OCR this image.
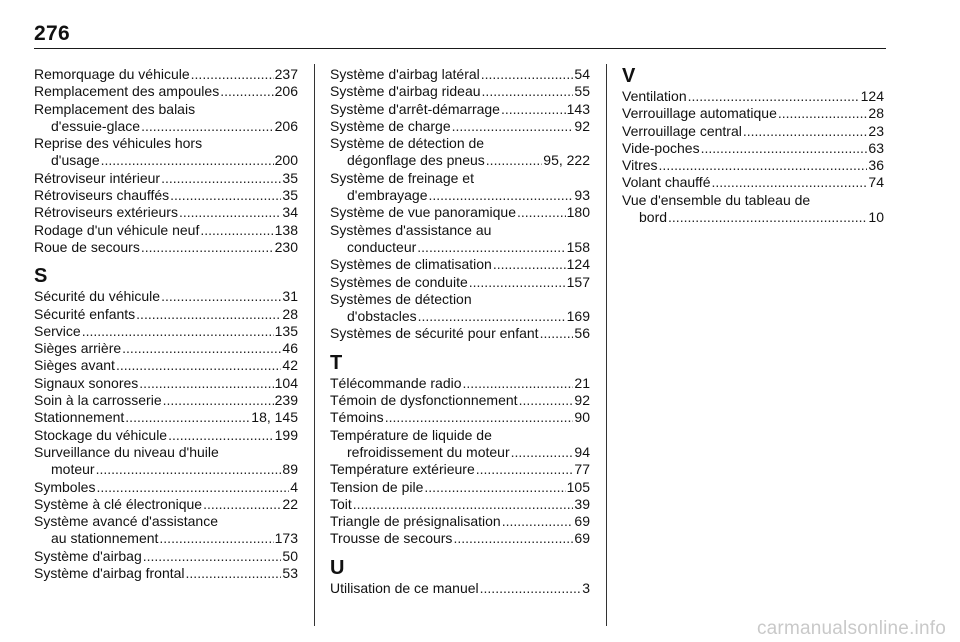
276
Remorquage du véhicule .....	237
Remplacement des ampoules .....	206
Remplacement des balais
d'essuie-glace .....	206
Reprise des véhicules hors
d'usage .....	200
Rétroviseur intérieur .....	35
Rétroviseurs chauffés .....	35
Rétroviseurs extérieurs .....	34
Rodage d'un véhicule neuf .....	138
Roue de secours .....	230
S
Sécurité du véhicule .....	31
Sécurité enfants .....	28
Service .....	135
Sièges arrière .....	46
Sièges avant .....	42
Signaux sonores .....	104
Soin à la carrosserie .....	239
Stationnement .....	18, 145
Stockage du véhicule .....	199
Surveillance du niveau d'huile
moteur .....	89
Symboles .....	4
Système à clé électronique .....	22
Système avancé d'assistance
au stationnement .....	173
Système d'airbag .....	50
Système d'airbag frontal .....	53
Système d'airbag latéral .....	54
Système d'airbag rideau .....	55
Système d'arrêt-démarrage .....	143
Système de charge .....	92
Système de détection de
dégonflage des pneus .....	95, 222
Système de freinage et
d'embrayage .....	93
Système de vue panoramique .....	180
Systèmes d'assistance au
conducteur .....	158
Systèmes de climatisation .....	124
Systèmes de conduite .....	157
Systèmes de détection
d'obstacles .....	169
Systèmes de sécurité pour enfant .....	56
T
Télécommande radio .....	21
Témoin de dysfonctionnement .....	92
Témoins .....	90
Température de liquide de
refroidissement du moteur .....	94
Température extérieure .....	77
Tension de pile .....	105
Toit .....	39
Triangle de présignalisation .....	69
Trousse de secours .....	69
U
Utilisation de ce manuel .....	3
V
Ventilation .....	124
Verrouillage automatique .....	28
Verrouillage central .....	23
Vide-poches .....	63
Vitres .....	36
Volant chauffé .....	74
Vue d'ensemble du tableau de
bord .....	10
carmanualsonline.info
